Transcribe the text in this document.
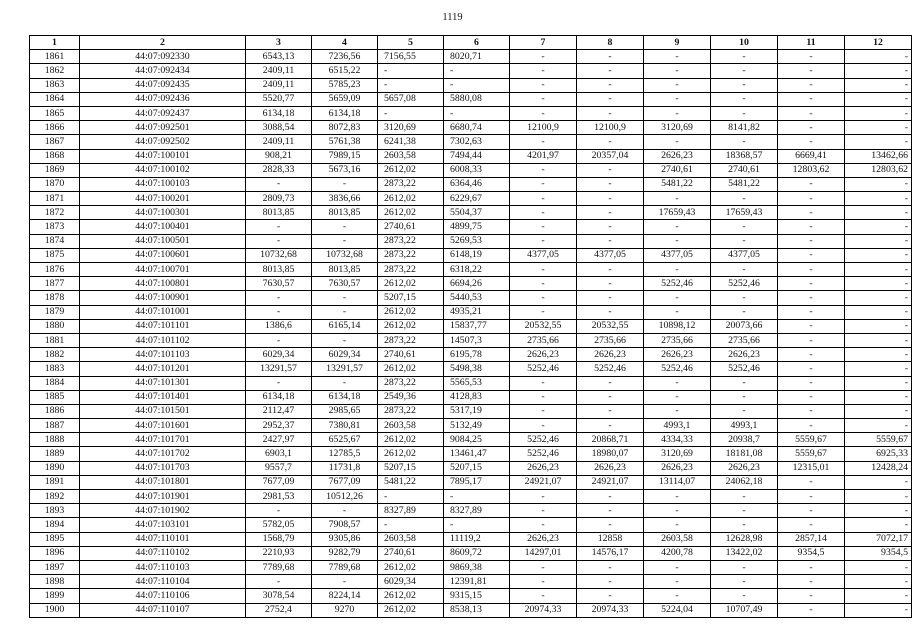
1119
1	2	3	4	5	6	7	8	9	10	11	12
1861	44:07:092330	6543,13	7236,56	7156,55	8020,71	-	-	-	-	-	-
1862	44:07:092434	2409,11	6515,22	-	-	-	-	-	-	-	-
1863	44:07:092435	2409,11	5785,23	-	-	-	-	-	-	-	-
1864	44:07:092436	5520,77	5659,09	5657,08	5880,08	-	-	-	-	-	-
1865	44:07:092437	6134,18	6134,18	-	-	-	-	-	-	-	-
1866	44:07:092501	3088,54	8072,83	3120,69	6680,74	12100,9	12100,9	3120,69	8141,82	-	-
1867	44:07:092502	2409,11	5761,38	6241,38	7302,63	-	-	-	-	-	-
1868	44:07:100101	908,21	7989,15	2603,58	7494,44	4201,97	20357,04	2626,23	18368,57	6669,41	13462,66
1869	44:07:100102	2828,33	5673,16	2612,02	6008,33	-	-	2740,61	2740,61	12803,62	12803,62
1870	44:07:100103	-	-	2873,22	6364,46	-	-	5481,22	5481,22	-	-
1871	44:07:100201	2809,73	3836,66	2612,02	6229,67	-	-	-	-	-	-
1872	44:07:100301	8013,85	8013,85	2612,02	5504,37	-	-	17659,43	17659,43	-	-
1873	44:07:100401	-	-	2740,61	4899,75	-	-	-	-	-	-
1874	44:07:100501	-	-	2873,22	5269,53	-	-	-	-	-	-
1875	44:07:100601	10732,68	10732,68	2873,22	6148,19	4377,05	4377,05	4377,05	4377,05	-	-
1876	44:07:100701	8013,85	8013,85	2873,22	6318,22	-	-	-	-	-	-
1877	44:07:100801	7630,57	7630,57	2612,02	6694,26	-	-	5252,46	5252,46	-	-
1878	44:07:100901	-	-	5207,15	5440,53	-	-	-	-	-	-
1879	44:07:101001	-	-	2612,02	4935,21	-	-	-	-	-	-
1880	44:07:101101	1386,6	6165,14	2612,02	15837,77	20532,55	20532,55	10898,12	20073,66	-	-
1881	44:07:101102	-	-	2873,22	14507,3	2735,66	2735,66	2735,66	2735,66	-	-
1882	44:07:101103	6029,34	6029,34	2740,61	6195,78	2626,23	2626,23	2626,23	2626,23	-	-
1883	44:07:101201	13291,57	13291,57	2612,02	5498,38	5252,46	5252,46	5252,46	5252,46	-	-
1884	44:07:101301	-	-	2873,22	5565,53	-	-	-	-	-	-
1885	44:07:101401	6134,18	6134,18	2549,36	4128,83	-	-	-	-	-	-
1886	44:07:101501	2112,47	2985,65	2873,22	5317,19	-	-	-	-	-	-
1887	44:07:101601	2952,37	7380,81	2603,58	5132,49	-	-	4993,1	4993,1	-	-
1888	44:07:101701	2427,97	6525,67	2612,02	9084,25	5252,46	20868,71	4334,33	20938,7	5559,67	5559,67
1889	44:07:101702	6903,1	12785,5	2612,02	13461,47	5252,46	18980,07	3120,69	18181,08	5559,67	6925,33
1890	44:07:101703	9557,7	11731,8	5207,15	5207,15	2626,23	2626,23	2626,23	2626,23	12315,01	12428,24
1891	44:07:101801	7677,09	7677,09	5481,22	7895,17	24921,07	24921,07	13114,07	24062,18	-	-
1892	44:07:101901	2981,53	10512,26	-	-	-	-	-	-	-	-
1893	44:07:101902	-	-	8327,89	8327,89	-	-	-	-	-	-
1894	44:07:103101	5782,05	7908,57	-	-	-	-	-	-	-	-
1895	44:07:110101	1568,79	9305,86	2603,58	11119,2	2626,23	12858	2603,58	12628,98	2857,14	7072,17
1896	44:07:110102	2210,93	9282,79	2740,61	8609,72	14297,01	14576,17	4200,78	13422,02	9354,5	9354,5
1897	44:07:110103	7789,68	7789,68	2612,02	9869,38	-	-	-	-	-	-
1898	44:07:110104	-	-	6029,34	12391,81	-	-	-	-	-	-
1899	44:07:110106	3078,54	8224,14	2612,02	9315,15	-	-	-	-	-	-
1900	44:07:110107	2752,4	9270	2612,02	8538,13	20974,33	20974,33	5224,04	10707,49	-	-
